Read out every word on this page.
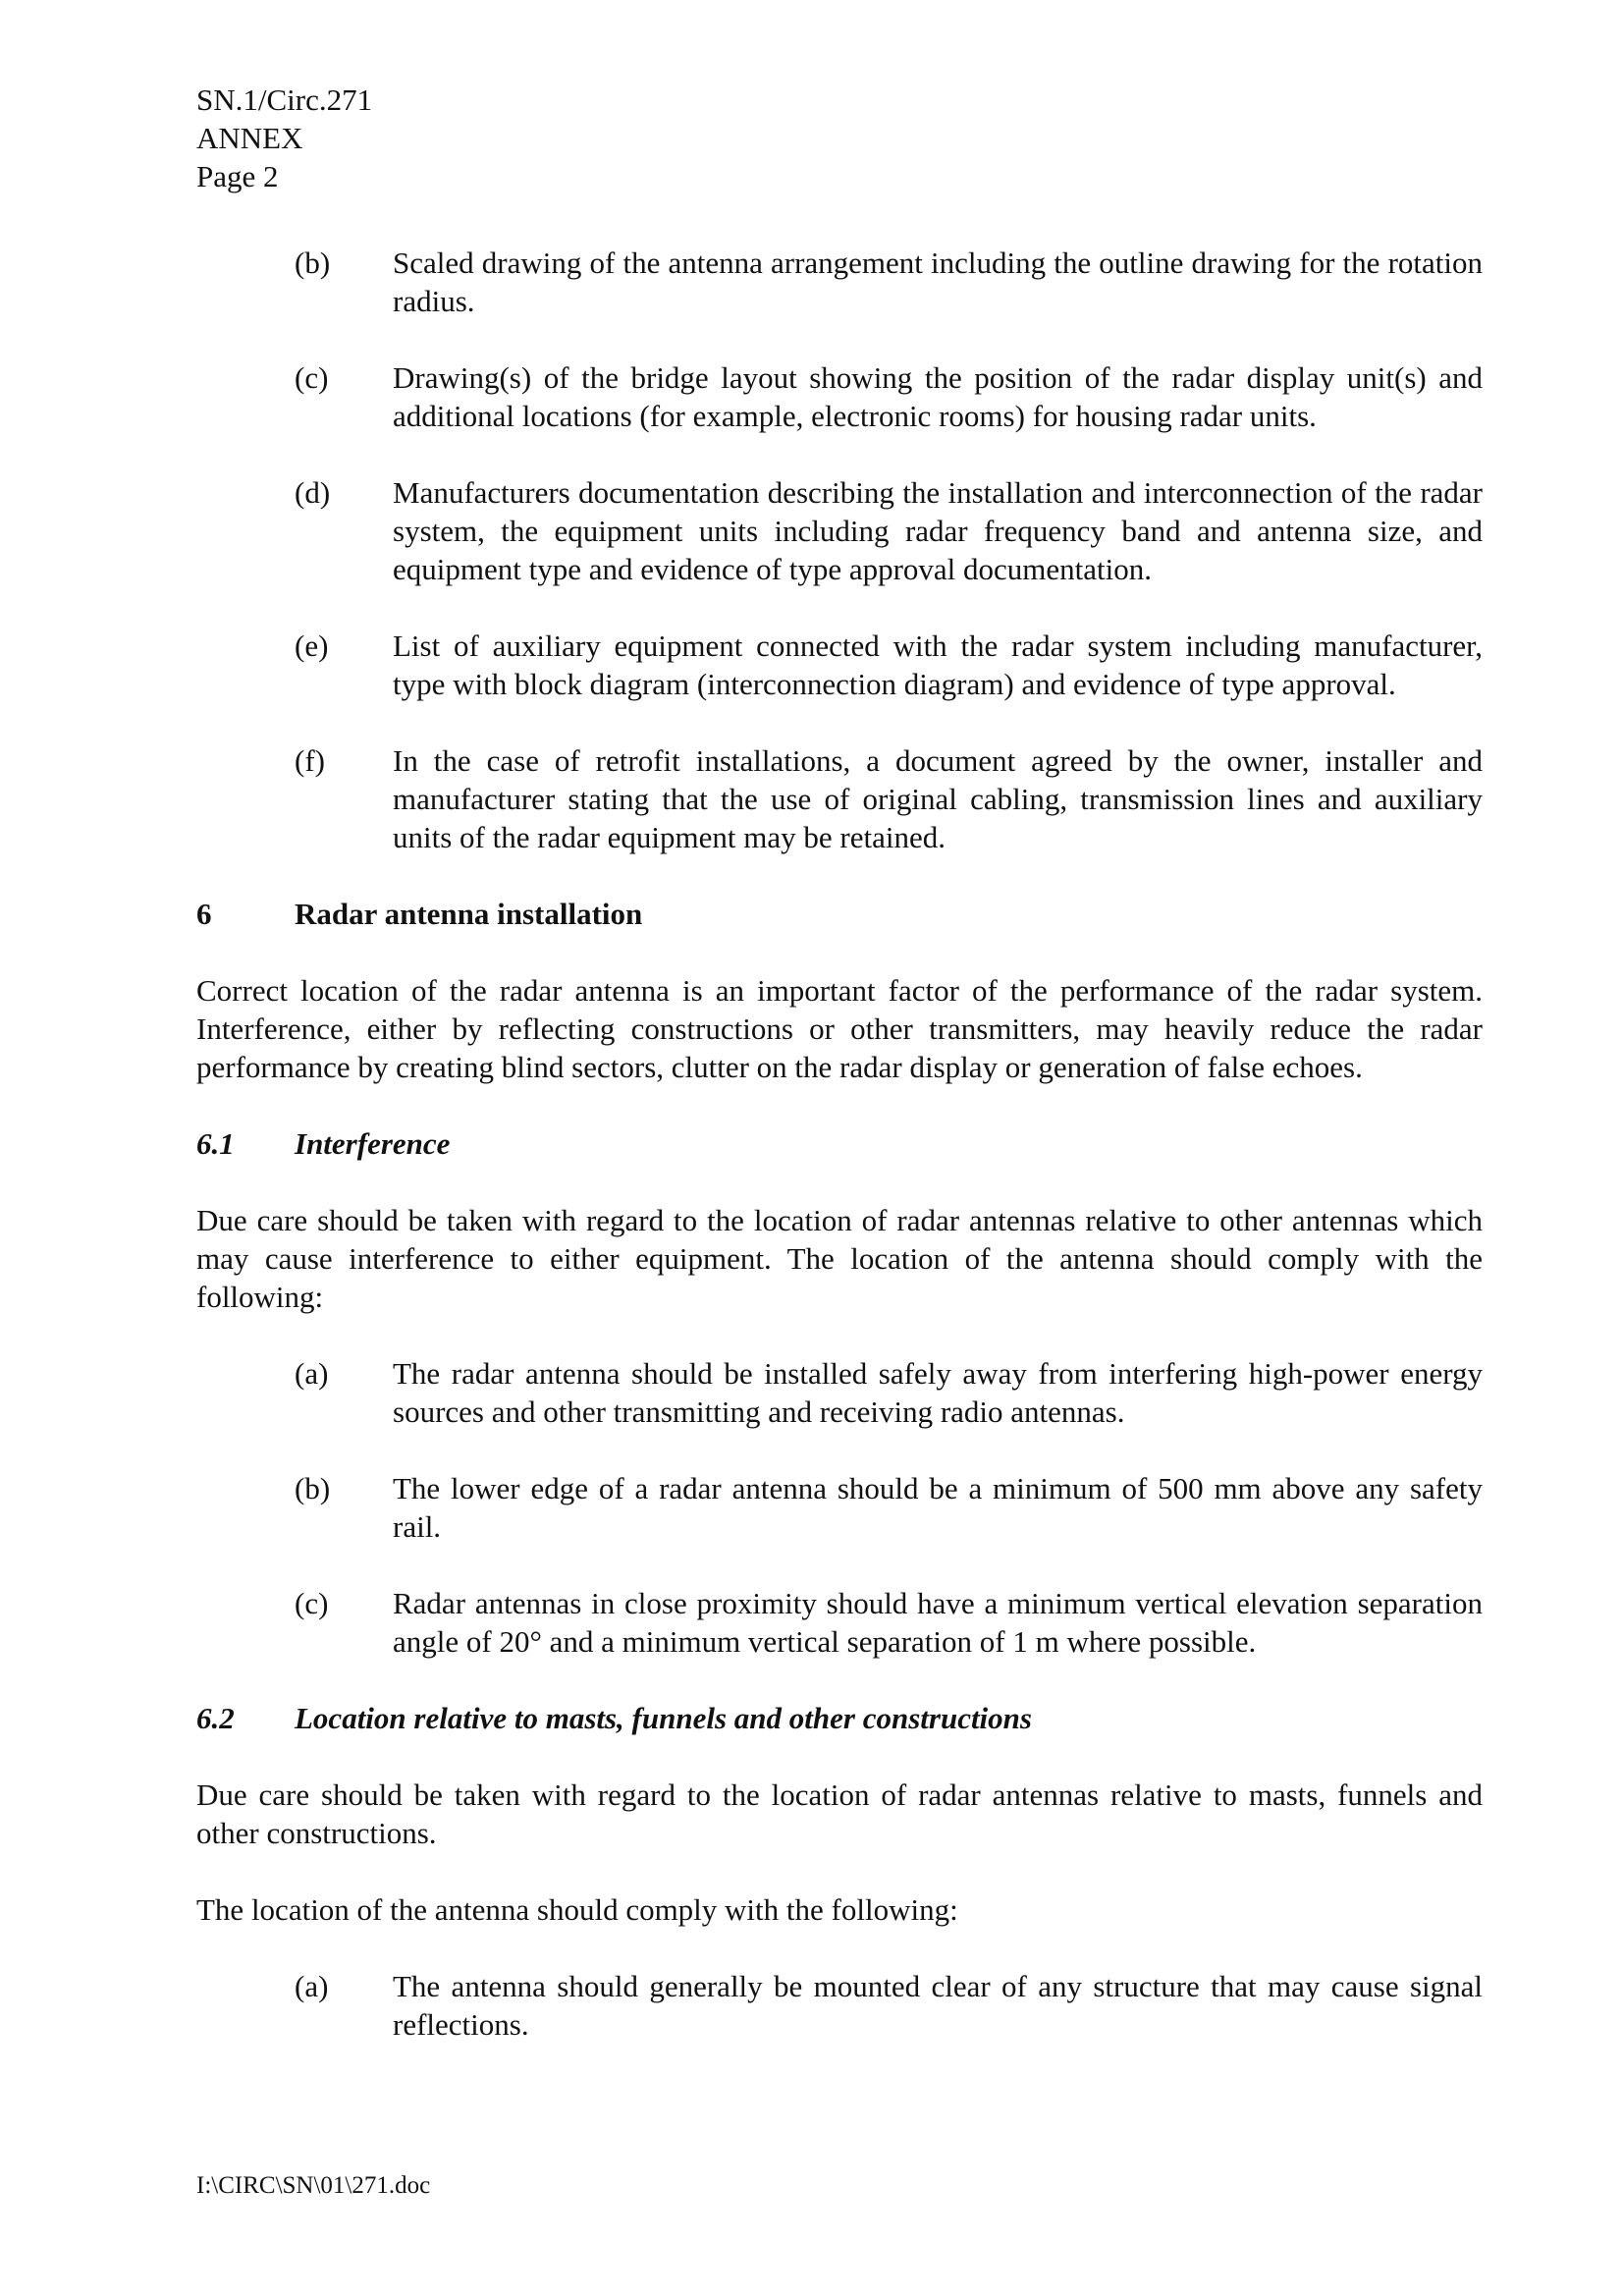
SN.1/Circ.271
ANNEX
Page 2
(b)	Scaled drawing of the antenna arrangement including the outline drawing for the rotation radius.
(c)	Drawing(s) of the bridge layout showing the position of the radar display unit(s) and additional locations (for example, electronic rooms) for housing radar units.
(d)	Manufacturers documentation describing the installation and interconnection of the radar system, the equipment units including radar frequency band and antenna size, and equipment type and evidence of type approval documentation.
(e)	List of auxiliary equipment connected with the radar system including manufacturer, type with block diagram (interconnection diagram) and evidence of type approval.
(f)	In the case of retrofit installations, a document agreed by the owner, installer and manufacturer stating that the use of original cabling, transmission lines and auxiliary units of the radar equipment may be retained.
6	Radar antenna installation
Correct location of the radar antenna is an important factor of the performance of the radar system. Interference, either by reflecting constructions or other transmitters, may heavily reduce the radar performance by creating blind sectors, clutter on the radar display or generation of false echoes.
6.1	Interference
Due care should be taken with regard to the location of radar antennas relative to other antennas which may cause interference to either equipment. The location of the antenna should comply with the following:
(a)	The radar antenna should be installed safely away from interfering high-power energy sources and other transmitting and receiving radio antennas.
(b)	The lower edge of a radar antenna should be a minimum of 500 mm above any safety rail.
(c)	Radar antennas in close proximity should have a minimum vertical elevation separation angle of 20° and a minimum vertical separation of 1 m where possible.
6.2	Location relative to masts, funnels and other constructions
Due care should be taken with regard to the location of radar antennas relative to masts, funnels and other constructions.
The location of the antenna should comply with the following:
(a)	The antenna should generally be mounted clear of any structure that may cause signal reflections.
I:\CIRC\SN\01\271.doc
